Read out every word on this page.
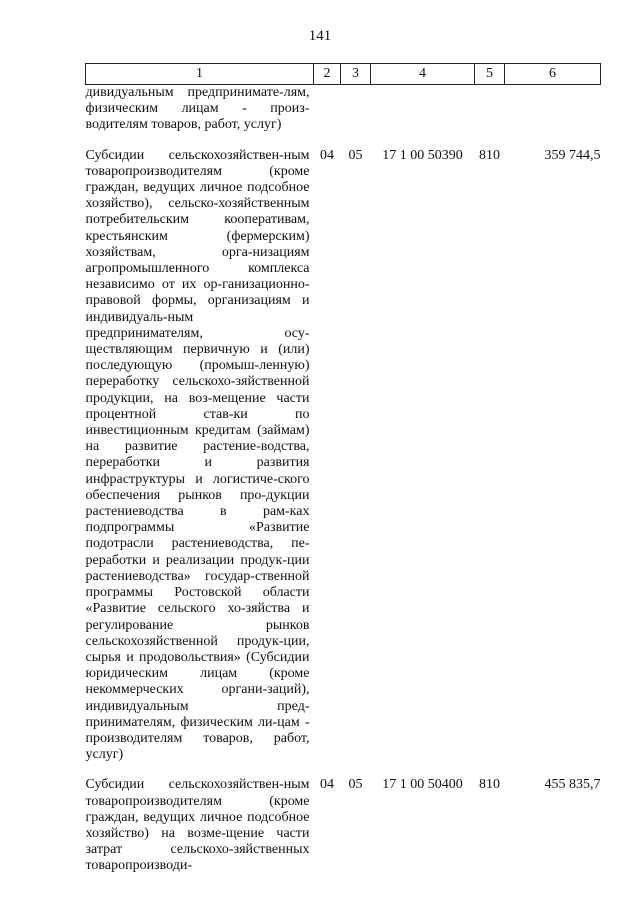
141
1	2	3	4	5	6
дивидуальным предпринимате-лям, физическим лицам - произ-водителям товаров, работ, услуг)					

Субсидии сельскохозяйствен-ным товаропроизводителям (кроме граждан, ведущих личное подсобное хозяйство), сельско-хозяйственным потребительским кооперативам, крестьянским (фермерским) хозяйствам, орга-низациям агропромышленного комплекса независимо от их ор-ганизационно-правовой формы, организациям и индивидуаль-ным предпринимателям, осу-ществляющим первичную и (или) последующую (промыш-ленную) переработку сельскохо-зяйственной продукции, на воз-мещение части процентной став-ки по инвестиционным кредитам (займам) на развитие растение-водства, переработки и развития инфраструктуры и логистиче-ского обеспечения рынков про-дукции растениеводства в рам-ках подпрограммы «Развитие подотрасли растениеводства, пе-реработки и реализации продук-ции растениеводства» государ-ственной программы Ростовской области «Развитие сельского хо-зяйства и регулирование рынков сельскохозяйственной продук-ции, сырья и продовольствия» (Субсидии юридическим лицам (кроме некоммерческих органи-заций), индивидуальным пред-принимателям, физическим ли-цам - производителям товаров, работ, услуг)	04	05	17 1 00 50390	810	359 744,5

Субсидии сельскохозяйствен-ным товаропроизводителям (кроме граждан, ведущих личное подсобное хозяйство) на возме-щение части затрат сельскохо-зяйственных товаропроизводи-	04	05	17 1 00 50400	810	455 835,7
